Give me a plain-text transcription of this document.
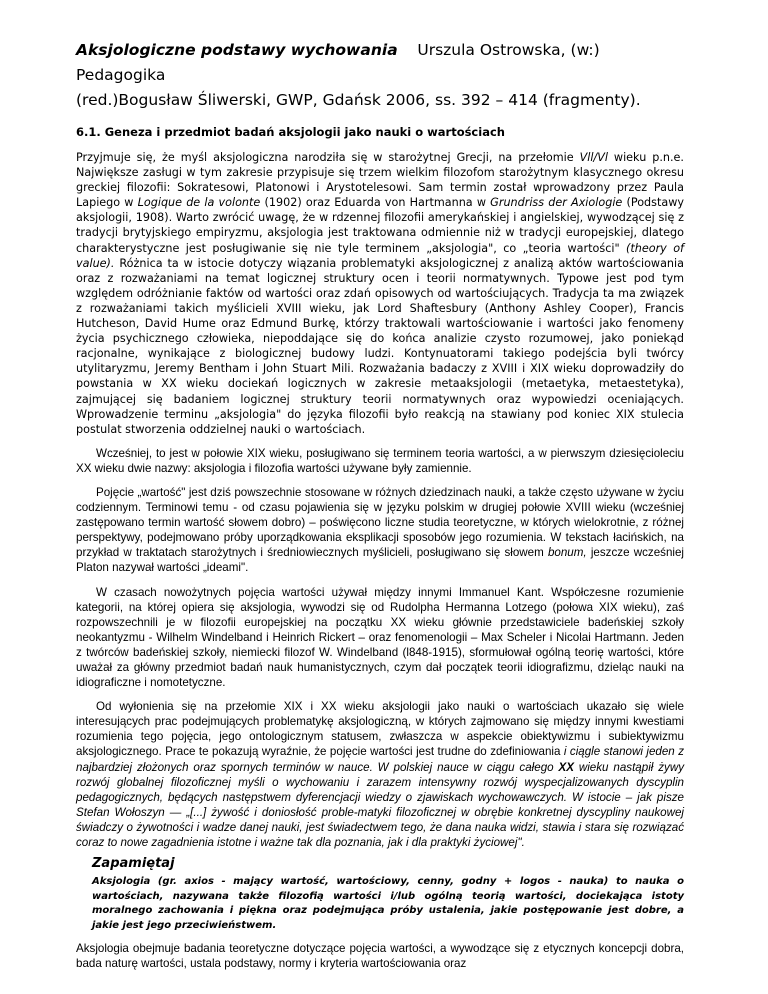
Aksjologiczne podstawy wychowania Urszula Ostrowska, (w:) Pedagogika
(red.)Bogusław Śliwerski, GWP, Gdańsk 2006, ss. 392 – 414 (fragmenty).
6.1. Geneza i przedmiot badań aksjologii jako nauki o wartościach

Przyjmuje się, że myśl aksjologiczna narodziła się w starożytnej Grecji, na przełomie Vll/Vl wieku p.n.e. Największe zasługi w tym zakresie przypisuje się trzem wielkim filozofom starożytnym klasycznego okresu greckiej filozofii: Sokratesowi, Platonowi i Arystotelesowi. Sam termin został wprowadzony przez Paula Lapiego w Logique de la volonte (1902) oraz Eduarda von Hartmanna w Grundriss der Axiologie (Podstawy aksjologii, 1908). Warto zwrócić uwagę, że w rdzennej filozofii amerykańskiej i angielskiej, wywodzącej się z tradycji brytyjskiego empiryzmu, aksjologia jest traktowana odmiennie niż w tradycji europejskiej, dlatego charakterystyczne jest posługiwanie się nie tyle terminem „aksjologia", co „teoria wartości" (theory of value). Różnica ta w istocie dotyczy wiązania problematyki aksjologicznej z analizą aktów wartościowania oraz z rozważaniami na temat logicznej struktury ocen i teorii normatywnych. Typowe jest pod tym względem odróżnianie faktów od wartości oraz zdań opisowych od wartościujących. Tradycja ta ma związek z rozważaniami takich myślicieli XVIII wieku, jak Lord Shaftesbury (Anthony Ashley Cooper), Francis Hutcheson, David Hume oraz Edmund Burkę, którzy traktowali wartościowanie i wartości jako fenomeny życia psychicznego człowieka, niepoddające się do końca analizie czysto rozumowej, jako poniekąd racjonalne, wynikające z biologicznej budowy ludzi. Kontynuatorami takiego podejścia byli twórcy utylitaryzmu, Jeremy Bentham i John Stuart Mili. Rozważania badaczy z XVIII i XIX wieku doprowadziły do powstania w XX wieku dociekań logicznych w zakresie metaaksjologii (metaetyka, metaestetyka), zajmującej się badaniem logicznej struktury teorii normatywnych oraz wypowiedzi oceniających. Wprowadzenie terminu „aksjologia" do języka filozofii było reakcją na stawiany pod koniec XIX stulecia postulat stworzenia oddzielnej nauki o wartościach.

Wcześniej, to jest w połowie XIX wieku, posługiwano się terminem teoria wartości, a w pierwszym dziesięcioleciu XX wieku dwie nazwy: aksjologia i filozofia wartości używane były zamiennie.

Pojęcie „wartość" jest dziś powszechnie stosowane w różnych dziedzinach nauki, a także często używane w życiu codziennym. Terminowi temu - od czasu pojawienia się w języku polskim w drugiej połowie XVIII wieku (wcześniej zastępowano termin wartość słowem dobro) – poświęcono liczne studia teoretyczne, w których wielokrotnie, z różnej perspektywy, podejmowano próby uporządkowania eksplikacji sposobów jego rozumienia. W tekstach łacińskich, na przykład w traktatach starożytnych i średniowiecznych myślicieli, posługiwano się słowem bonum, jeszcze wcześniej Platon nazywał wartości „ideami".

W czasach nowożytnych pojęcia wartości używał między innymi Immanuel Kant. Współczesne rozumienie kategorii, na której opiera się aksjologia, wywodzi się od Rudolpha Hermanna Lotzego (połowa XIX wieku), zaś rozpowszechnili je w filozofii europejskiej na początku XX wieku głównie przedstawiciele badeńskiej szkoły neokantyzmu - Wilhelm Windelband i Heinrich Rickert – oraz fenomenologii – Max Scheler i Nicolai Hartmann. Jeden z twórców badeńskiej szkoły, niemiecki filozof W. Windelband (l848-1915), sformułował ogólną teorię wartości, które uważał za główny przedmiot badań nauk humanistycznych, czym dał początek teorii idiografizmu, dzieląc nauki na idiograficzne i nomotetyczne.

Od wyłonienia się na przełomie XIX i XX wieku aksjologii jako nauki o wartościach ukazało się wiele interesujących prac podejmujących problematykę aksjologiczną, w których zajmowano się między innymi kwestiami rozumienia tego pojęcia, jego ontologicznym statusem, zwłaszcza w aspekcie obiektywizmu i subiektywizmu aksjologicznego. Prace te pokazują wyraźnie, że pojęcie wartości jest trudne do zdefiniowania i ciągle stanowi jeden z najbardziej złożonych oraz spornych terminów w nauce. W polskiej nauce w ciągu całego XX wieku nastąpił żywy rozwój globalnej filozoficznej myśli o wychowaniu i zarazem intensywny rozwój wyspecjalizowanych dyscyplin pedagogicznych, będących następstwem dyferencjacji wiedzy o zjawiskach wychowawczych. W istocie – jak pisze Stefan Wołoszyn — „[...] żywość i doniosłość proble-matyki filozoficznej w obrębie konkretnej dyscypliny naukowej świadczy o żywotności i wadze danej nauki, jest świadectwem tego, że dana nauka widzi, stawia i stara się rozwiązać coraz to nowe zagadnienia istotne i ważne tak dla poznania, jak i dla praktyki życiowej".

Zapamiętaj
Aksjologia (gr. axios - mający wartość, wartościowy, cenny, godny + logos - nauka) to nauka o wartościach, nazywana także filozofią wartości i/lub ogólną teorią wartości, dociekająca istoty moralnego zachowania i piękna oraz podejmująca próby ustalenia, jakie postępowanie jest dobre, a jakie jest jego przeciwieństwem.

Aksjologia obejmuje badania teoretyczne dotyczące pojęcia wartości, a wywodzące się z etycznych koncepcji dobra, bada naturę wartości, ustala podstawy, normy i kryteria wartościowania oraz
